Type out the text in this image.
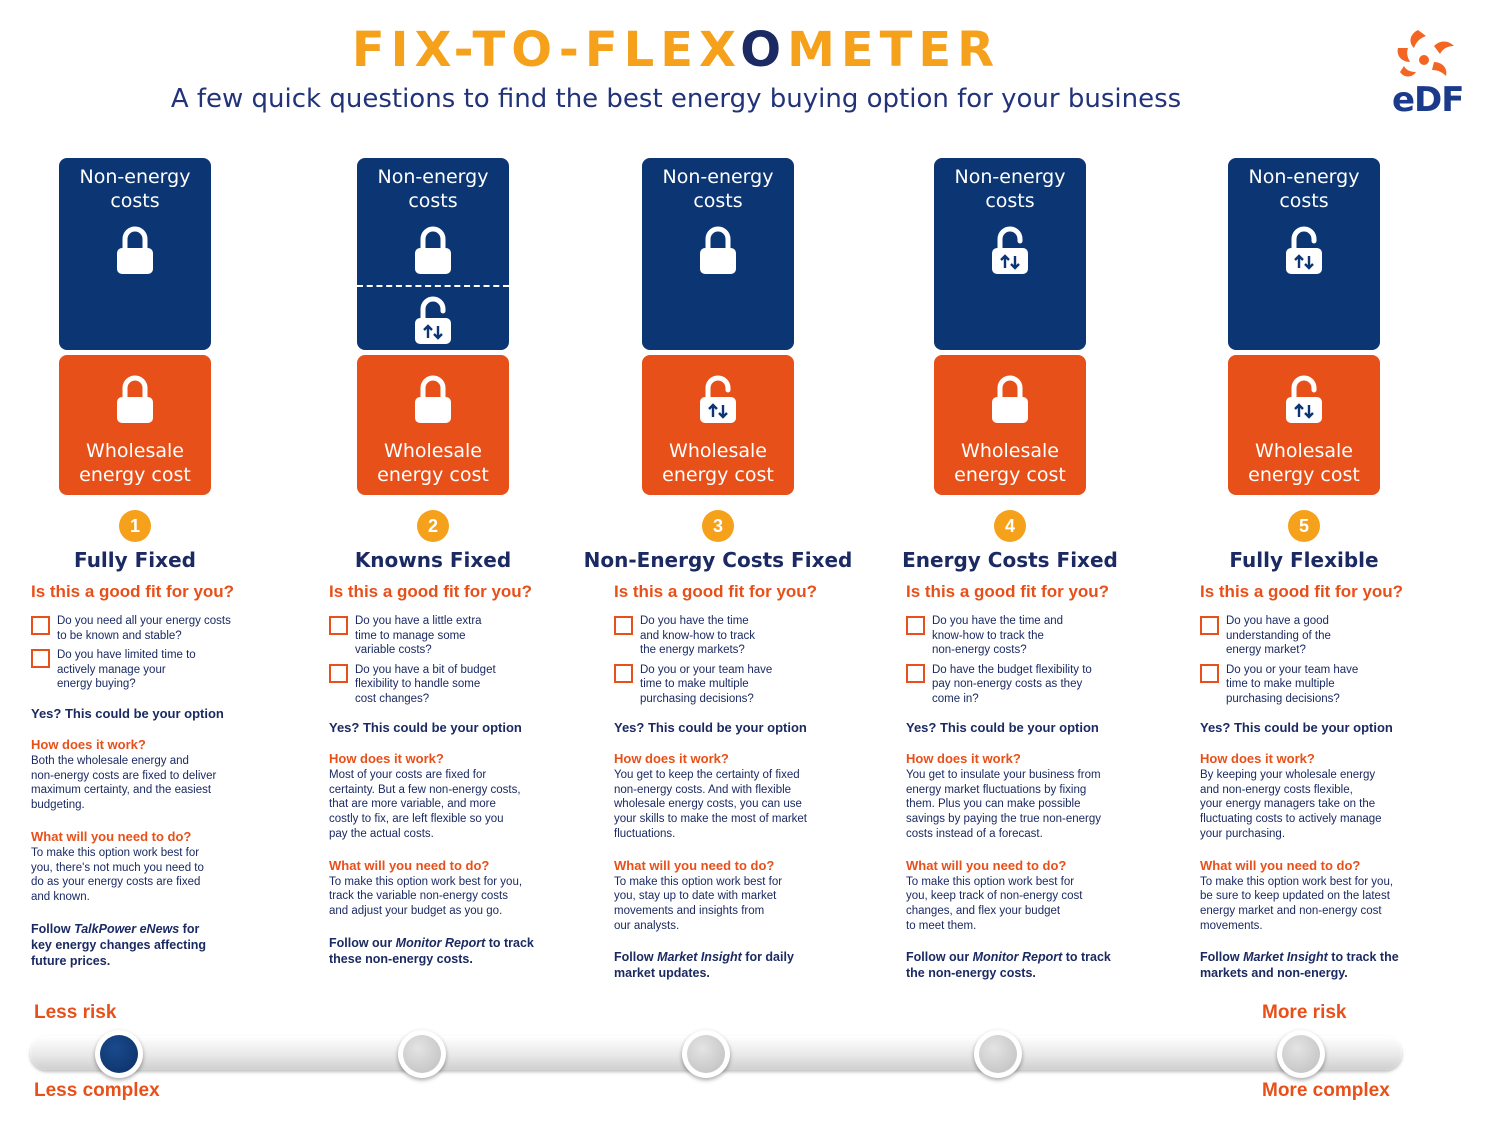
FIX-TO-FLEXOMETER
A few quick questions to find the best energy buying option for your business	eDF
Non-energy
costs
Wholesale
energy cost
1
Fully Fixed
Is this a good fit for you?
Do you need all your energy costs
to be known and stable?
Do you have limited time to
actively manage your
energy buying?
Yes? This could be your option
How does it work?
Both the wholesale energy and
non-energy costs are fixed to deliver
maximum certainty, and the easiest
budgeting.
What will you need to do?
To make this option work best for
you, there's not much you need to
do as your energy costs are fixed
and known.
Follow TalkPower eNews for key energy changes affecting future prices.
Non-energy
costs
Wholesale
energy cost
2
Knowns Fixed
Is this a good fit for you?
Do you have a little extra
time to manage some
variable costs?
Do you have a bit of budget
flexibility to handle some
cost changes?
Yes? This could be your option
How does it work?
Most of your costs are fixed for
certainty. But a few non-energy costs,
that are more variable, and more
costly to fix, are left flexible so you
pay the actual costs.
What will you need to do?
To make this option work best for you,
track the variable non-energy costs
and adjust your budget as you go.
Follow our Monitor Report to track these non-energy costs.
Non-energy
costs
Wholesale
energy cost
3
Non-Energy Costs Fixed
Is this a good fit for you?
Do you have the time
and know-how to track
the energy markets?
Do you or your team have
time to make multiple
purchasing decisions?
Yes? This could be your option
How does it work?
You get to keep the certainty of fixed
non-energy costs. And with flexible
wholesale energy costs, you can use
your skills to make the most of market
fluctuations.
What will you need to do?
To make this option work best for
you, stay up to date with market
movements and insights from
our analysts.
Follow Market Insight for daily market updates.
Non-energy
costs
Wholesale
energy cost
4
Energy Costs Fixed
Is this a good fit for you?
Do you have the time and
know-how to track the
non-energy costs?
Do have the budget flexibility to
pay non-energy costs as they
come in?
Yes? This could be your option
How does it work?
You get to insulate your business from
energy market fluctuations by fixing
them. Plus you can make possible
savings by paying the true non-energy
costs instead of a forecast.
What will you need to do?
To make this option work best for
you, keep track of non-energy cost
changes, and flex your budget
to meet them.
Follow our Monitor Report to track the non-energy costs.
Non-energy
costs
Wholesale
energy cost
5
Fully Flexible
Is this a good fit for you?
Do you have a good
understanding of the
energy market?
Do you or your team have
time to make multiple
purchasing decisions?
Yes? This could be your option
How does it work?
By keeping your wholesale energy
and non-energy costs flexible,
your energy managers take on the
fluctuating costs to actively manage
your purchasing.
What will you need to do?
To make this option work best for you,
be sure to keep updated on the latest
energy market and non-energy cost
movements.
Follow Market Insight to track the markets and non-energy.
Less risk	More risk
Less complex	More complex
